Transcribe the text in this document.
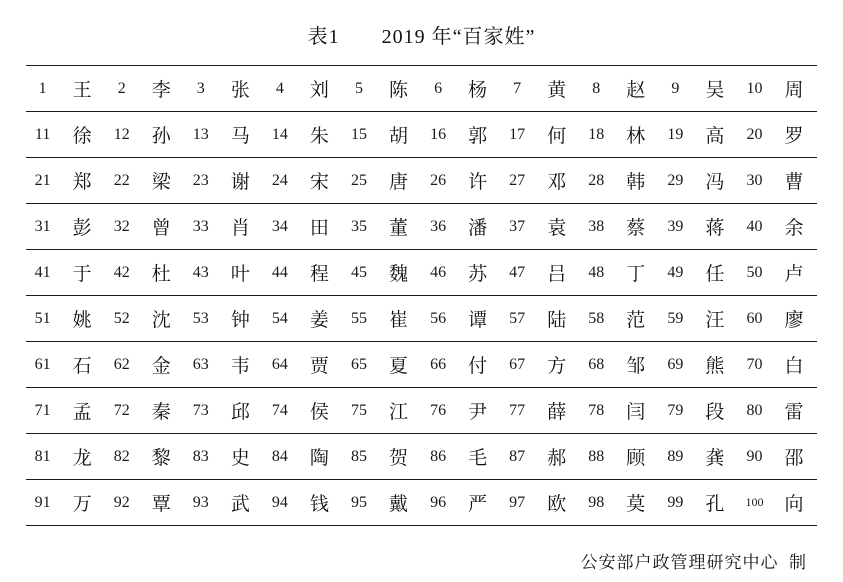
表1　　2019 年“百家姓”
1	王	2	李	3	张	4	刘	5	陈	6	杨	7	黄	8	赵	9	吴	10	周
11	徐	12	孙	13	马	14	朱	15	胡	16	郭	17	何	18	林	19	高	20	罗
21	郑	22	梁	23	谢	24	宋	25	唐	26	许	27	邓	28	韩	29	冯	30	曹
31	彭	32	曾	33	肖	34	田	35	董	36	潘	37	袁	38	蔡	39	蒋	40	余
41	于	42	杜	43	叶	44	程	45	魏	46	苏	47	吕	48	丁	49	任	50	卢
51	姚	52	沈	53	钟	54	姜	55	崔	56	谭	57	陆	58	范	59	汪	60	廖
61	石	62	金	63	韦	64	贾	65	夏	66	付	67	方	68	邹	69	熊	70	白
71	孟	72	秦	73	邱	74	侯	75	江	76	尹	77	薛	78	闫	79	段	80	雷
81	龙	82	黎	83	史	84	陶	85	贺	86	毛	87	郝	88	顾	89	龚	90	邵
91	万	92	覃	93	武	94	钱	95	戴	96	严	97	欧	98	莫	99	孔	100	向
公安部户政管理研究中心  制
